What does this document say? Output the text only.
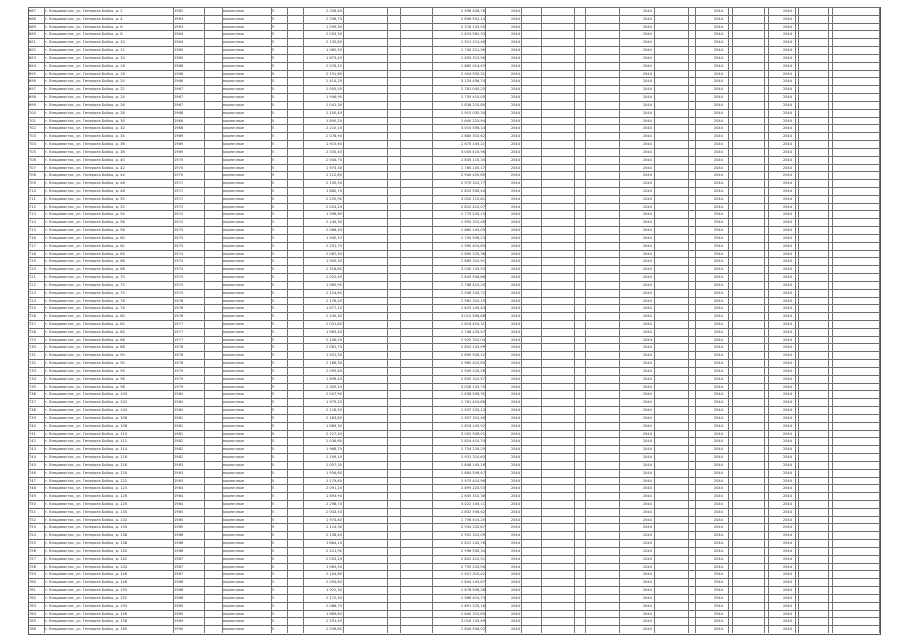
687	г. Владивосток, ул. Генерала Бойко, д. 2	1962	кирпичные	5	2 056,60	2 596 456,78	2044	2044	2044	2044
688	г. Владивосток, ул. Генерала Бойко, д. 4	1963	кирпичные	5	2 296,70	2 896 552,14	2044	2044	2044	2044
689	г. Владивосток, ул. Генерала Бойко, д. 6	1963	кирпичные	5	1 299,30	2 216 145,55	2044	2044	2044	2044
690	г. Владивосток, ул. Генерала Бойко, д. 8	1964	кирпичные	5	2 053,30	2 874 562,33	2044	2044	2044	2044
691	г. Владивосток, ул. Генерала Бойко, д. 10	1964	кирпичные	5	2 135,80	2 912 214,46	2044	2044	2044	2044
692	г. Владивосток, ул. Генерала Бойко, д. 12	1965	кирпичные	5	1 980,50	2 740 221,96	2044	2044	2044	2044
693	г. Владивосток, ул. Генерала Бойко, д. 14	1965	кирпичные	5	1 873,40	2 650 315,58	2044	2044	2044	2044
694	г. Владивосток, ул. Генерала Бойко, д. 16	1966	кирпичные	5	2 076,10	2 865 014,45	2044	2044	2044	2044
695	г. Владивосток, ул. Генерала Бойко, д. 18	1966	кирпичные	5	2 151,60	2 904 550,31	2044	2044	2044	2044
696	г. Владивосток, ул. Генерала Бойко, д. 20	1966	кирпичные	5	2 414,20	3 120 456,74	2044	2044	2044	2044
697	г. Владивосток, ул. Генерала Бойко, д. 22	1967	кирпичные	5	2 005,50	2 781 045,25	2044	2044	2044	2044
698	г. Владивосток, ул. Генерала Бойко, д. 24	1967	кирпичные	5	1 946,90	2 705 410,05	2044	2044	2044	2044
699	г. Владивосток, ул. Генерала Бойко, д. 26	1967	кирпичные	5	2 041,30	2 836 210,80	2044	2044	2044	2044
700	г. Владивосток, ул. Генерала Бойко, д. 28	1968	кирпичные	5	2 100,40	2 915 035,34	2044	2044	2044	2044
701	г. Владивосток, ул. Генерала Бойко, д. 30	1968	кирпичные	5	1 890,20	2 640 225,94	2044	2044	2044	2044
702	г. Владивосток, ул. Генерала Бойко, д. 32	1968	кирпичные	5	2 210,10	3 010 556,14	2044	2044	2044	2044
703	г. Владивосток, ул. Генерала Бойко, д. 34	1969	кирпичные	5	2 078,90	2 880 310,62	2044	2044	2044	2044
704	г. Владивосток, ул. Генерала Бойко, д. 36	1969	кирпичные	5	1 915,60	2 670 145,22	2044	2044	2044	2044
705	г. Владивосток, ул. Генерала Бойко, д. 38	1969	кирпичные	5	2 330,40	3 045 410,96	2044	2044	2044	2044
706	г. Владивосток, ул. Генерала Бойко, д. 40	1970	кирпичные	5	2 044,70	2 830 115,30	2044	2044	2044	2044
707	г. Владивосток, ул. Генерала Бойко, д. 42	1970	кирпичные	5	1 973,30	2 760 150,17	2044	2044	2044	2044
708	г. Владивосток, ул. Генерала Бойко, д. 44	1970	кирпичные	5	2 112,80	2 940 420,69	2044	2044	2044	2044
709	г. Владивосток, ул. Генерала Бойко, д. 46	1971	кирпичные	5	2 190,50	2 970 310,77	2044	2044	2044	2044
710	г. Владивосток, ул. Генерала Бойко, д. 48	1971	кирпичные	5	1 860,70	2 610 556,40	2044	2044	2044	2044
711	г. Владивосток, ул. Генерала Бойко, д. 50	1971	кирпичные	5	2 255,90	3 020 115,81	2044	2044	2044	2044
712	г. Владивосток, ул. Генерала Бойко, д. 52	1972	кирпичные	5	2 024,20	2 810 410,07	2044	2044	2044	2044
713	г. Владивосток, ул. Генерала Бойко, д. 54	1972	кирпичные	5	1 998,60	2 775 220,15	2044	2044	2044	2044
714	г. Владивосток, ул. Генерала Бойко, д. 56	1972	кирпичные	5	2 140,30	2 955 310,48	2044	2044	2044	2044
715	г. Владивосток, ул. Генерала Бойко, д. 58	1973	кирпичные	5	2 068,40	2 860 145,09	2044	2044	2044	2044
716	г. Владивосток, ул. Генерала Бойко, д. 60	1973	кирпичные	5	1 940,10	2 700 556,23	2044	2044	2044	2044
717	г. Владивосток, ул. Генерала Бойко, д. 62	1973	кирпичные	5	2 201,70	2 990 410,64	2044	2044	2044	2044
718	г. Владивосток, ул. Генерала Бойко, д. 64	1974	кирпичные	5	2 087,50	2 890 220,36	2044	2044	2044	2044
719	г. Владивосток, ул. Генерала Бойко, д. 66	1974	кирпичные	5	1 905,30	2 660 310,91	2044	2044	2044	2044
720	г. Владивосток, ул. Генерала Бойко, д. 68	1974	кирпичные	5	2 318,80	3 035 145,53	2044	2044	2044	2044
721	г. Владивосток, ул. Генерала Бойко, д. 70	1975	кирпичные	5	2 052,40	2 845 556,86	2044	2044	2044	2044
722	г. Владивосток, ул. Генерала Бойко, д. 72	1975	кирпичные	5	1 985,90	2 768 410,20	2044	2044	2044	2044
723	г. Владивосток, ул. Генерала Бойко, д. 74	1975	кирпичные	5	2 124,60	2 948 220,72	2044	2044	2044	2044
724	г. Владивосток, ул. Генерала Бойко, д. 76	1976	кирпичные	5	2 176,20	2 962 310,15	2044	2044	2044	2044
725	г. Владивосток, ул. Генерала Бойко, д. 78	1976	кирпичные	5	1 877,10	2 625 145,44	2044	2044	2044	2044
726	г. Владивосток, ул. Генерала Бойко, д. 80	1976	кирпичные	5	2 240,30	3 012 556,68	2044	2044	2044	2044
727	г. Владивосток, ул. Генерала Бойко, д. 82	1977	кирпичные	5	2 031,80	2 818 410,31	2044	2044	2044	2044
728	г. Владивосток, ул. Генерала Бойко, д. 84	1977	кирпичные	5	1 963,40	2 748 220,57	2044	2044	2044	2044
729	г. Владивосток, ул. Генерала Бойко, д. 86	1977	кирпичные	5	2 106,20	2 925 310,04	2044	2044	2044	2044
730	г. Владивосток, ул. Генерала Бойко, д. 88	1978	кирпичные	5	2 061,70	2 852 145,99	2044	2044	2044	2044
731	г. Владивосток, ул. Генерала Бойко, д. 90	1978	кирпичные	5	1 931,50	2 690 556,12	2044	2044	2044	2044
732	г. Владивосток, ул. Генерала Бойко, д. 92	1978	кирпичные	5	2 188,30	2 980 410,83	2044	2044	2044	2044
733	г. Владивосток, ул. Генерала Бойко, д. 94	1979	кирпичные	5	2 095,60	2 900 220,26	2044	2044	2044	2044
734	г. Владивосток, ул. Генерала Бойко, д. 96	1979	кирпичные	5	1 898,40	2 650 310,57	2044	2044	2044	2044
735	г. Владивосток, ул. Генерала Бойко, д. 98	1979	кирпичные	5	2 305,10	3 028 145,70	2044	2044	2044	2044
736	г. Владивосток, ул. Генерала Бойко, д. 100	1980	кирпичные	5	2 047,90	2 838 556,35	2044	2044	2044	2044
737	г. Владивосток, ул. Генерала Бойко, д. 102	1980	кирпичные	5	1 979,20	2 761 410,88	2044	2044	2044	2044
738	г. Владивосток, ул. Генерала Бойко, д. 104	1980	кирпичные	5	2 118,50	2 937 220,13	2044	2044	2044	2044
739	г. Владивосток, ул. Генерала Бойко, д. 106	1981	кирпичные	5	2 163,80	2 957 310,46	2044	2044	2044	2044
740	г. Владивосток, ул. Генерала Бойко, д. 108	1981	кирпичные	5	1 869,30	2 618 145,92	2044	2044	2044	2044
741	г. Владивосток, ул. Генерала Бойко, д. 110	1981	кирпичные	5	2 227,40	3 005 556,01	2044	2044	2044	2044
742	г. Владивосток, ул. Генерала Бойко, д. 112	1982	кирпичные	5	2 036,60	2 824 410,74	2044	2044	2044	2044
743	г. Владивосток, ул. Генерала Бойко, д. 114	1982	кирпичные	5	1 968,70	2 754 220,29	2044	2044	2044	2044
744	г. Владивосток, ул. Генерала Бойко, д. 116	1982	кирпичные	5	2 109,10	2 931 310,63	2044	2044	2044	2044
745	г. Владивосток, ул. Генерала Бойко, д. 118	1983	кирпичные	5	2 057,30	2 848 145,18	2044	2044	2044	2044
746	г. Владивосток, ул. Генерала Бойко, д. 120	1983	кирпичные	5	1 926,80	2 684 556,47	2044	2044	2044	2044
747	г. Владивосток, ул. Генерала Бойко, д. 122	1983	кирпичные	5	2 179,60	2 975 410,96	2044	2044	2044	2044
748	г. Владивосток, ул. Генерала Бойко, д. 124	1984	кирпичные	5	2 091,20	2 895 220,53	2044	2044	2044	2044
749	г. Владивосток, ул. Генерала Бойко, д. 126	1984	кирпичные	5	1 893,90	2 645 310,38	2044	2044	2044	2044
750	г. Владивосток, ул. Генерала Бойко, д. 128	1984	кирпичные	5	2 298,70	3 022 145,11	2044	2044	2044	2044
751	г. Владивосток, ул. Генерала Бойко, д. 130	1985	кирпичные	5	2 043,50	2 832 556,62	2044	2044	2044	2044
752	г. Владивосток, ул. Генерала Бойко, д. 132	1985	кирпичные	5	1 974,80	2 756 410,25	2044	2044	2044	2044
753	г. Владивосток, ул. Генерала Бойко, д. 134	1985	кирпичные	5	2 114,30	2 934 220,87	2044	2044	2044	2044
754	г. Владивосток, ул. Генерала Бойко, д. 136	1986	кирпичные	5	2 158,40	2 952 310,09	2044	2044	2044	2044
755	г. Владивосток, ул. Генерала Бойко, д. 138	1986	кирпичные	5	1 864,10	2 612 145,76	2044	2044	2044	2044
756	г. Владивосток, ул. Генерала Бойко, д. 140	1986	кирпичные	5	2 221,90	2 998 556,34	2044	2044	2044	2044
757	г. Владивосток, ул. Генерала Бойко, д. 142	1987	кирпичные	5	2 033,20	2 820 410,51	2044	2044	2044	2044
758	г. Владивосток, ул. Генерала Бойко, д. 144	1987	кирпичные	5	1 965,50	2 750 220,94	2044	2044	2044	2044
759	г. Владивосток, ул. Генерала Бойко, д. 146	1987	кирпичные	5	2 104,80	2 927 310,42	2044	2044	2044	2044
760	г. Владивосток, ул. Генерала Бойко, д. 148	1988	кирпичные	5	2 054,60	2 844 145,67	2044	2044	2044	2044
761	г. Владивосток, ул. Генерала Бойко, д. 150	1988	кирпичные	5	1 922,30	2 678 556,28	2044	2044	2044	2044
762	г. Владивосток, ул. Генерала Бойко, д. 152	1988	кирпичные	5	2 172,50	2 968 410,73	2044	2044	2044	2044
763	г. Владивосток, ул. Генерала Бойко, д. 154	1989	кирпичные	5	2 088,70	2 891 220,16	2044	2044	2044	2044
764	г. Владивосток, ул. Генерала Бойко, д. 156	1989	кирпичные	5	1 889,60	2 640 310,85	2044	2044	2044	2044
765	г. Владивосток, ул. Генерала Бойко, д. 158	1989	кирпичные	5	2 291,40	3 016 145,49	2044	2044	2044	2044
766	г. Владивосток, ул. Генерала Бойко, д. 160	1990	кирпичные	5	2 039,80	2 826 556,02	2044	2044	2044	2044
